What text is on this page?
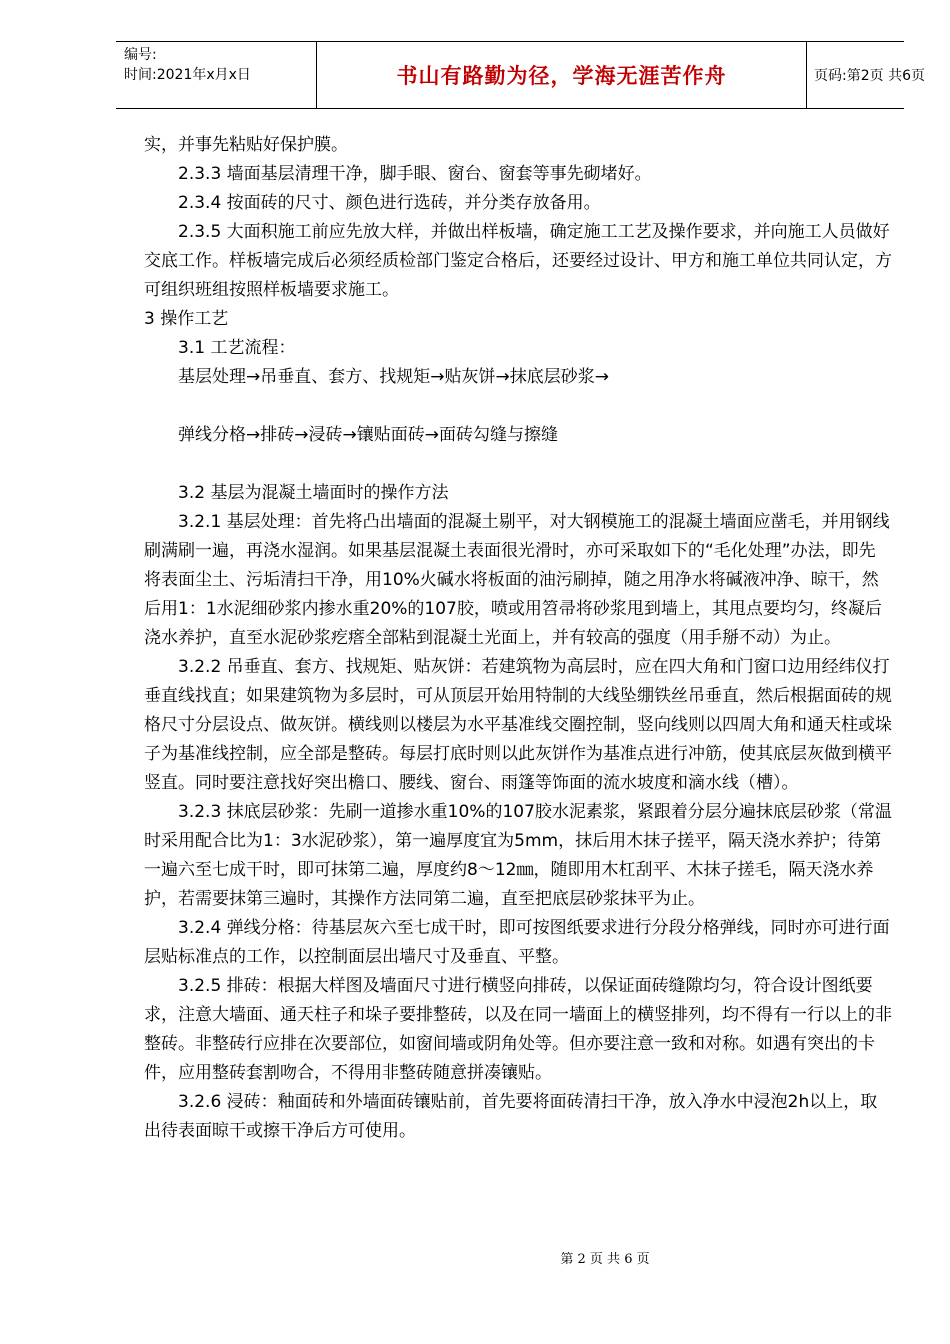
编号:
时间:2021年x月x日	书山有路勤为径，学海无涯苦作舟	页码:第2页 共6页

实，并事先粘贴好保护膜。

2.3.3 墙面基层清理干净，脚手眼、窗台、窗套等事先砌堵好。

2.3.4 按面砖的尺寸、颜色进行选砖，并分类存放备用。

2.3.5 大面积施工前应先放大样，并做出样板墙，确定施工工艺及操作要求，并向施工人员做好交底工作。样板墙完成后必须经质检部门鉴定合格后，还要经过设计、甲方和施工单位共同认定，方可组织班组按照样板墙要求施工。

3 操作工艺

3.1 工艺流程：

基层处理→吊垂直、套方、找规矩→贴灰饼→抹底层砂浆→

弹线分格→排砖→浸砖→镶贴面砖→面砖勾缝与擦缝

3.2 基层为混凝土墙面时的操作方法

3.2.1 基层处理：首先将凸出墙面的混凝土剔平，对大钢模施工的混凝土墙面应凿毛，并用钢线刷满刷一遍，再浇水湿润。如果基层混凝土表面很光滑时，亦可采取如下的“毛化处理”办法，即先将表面尘土、污垢清扫干净，用10%火碱水将板面的油污刷掉，随之用净水将碱液冲净、晾干，然后用1：1水泥细砂浆内掺水重20%的107胶，喷或用笤帚将砂浆甩到墙上，其甩点要均匀，终凝后浇水养护，直至水泥砂浆疙瘩全部粘到混凝土光面上，并有较高的强度（用手掰不动）为止。

3.2.2 吊垂直、套方、找规矩、贴灰饼：若建筑物为高层时，应在四大角和门窗口边用经纬仪打垂直线找直；如果建筑物为多层时，可从顶层开始用特制的大线坠绷铁丝吊垂直，然后根据面砖的规格尺寸分层设点、做灰饼。横线则以楼层为水平基准线交圈控制，竖向线则以四周大角和通天柱或垛子为基准线控制，应全部是整砖。每层打底时则以此灰饼作为基准点进行冲筋，使其底层灰做到横平竖直。同时要注意找好突出檐口、腰线、窗台、雨篷等饰面的流水坡度和滴水线（槽）。

3.2.3 抹底层砂浆：先刷一道掺水重10%的107胶水泥素浆，紧跟着分层分遍抹底层砂浆（常温时采用配合比为1：3水泥砂浆），第一遍厚度宜为5mm，抹后用木抹子搓平，隔天浇水养护；待第一遍六至七成干时，即可抹第二遍，厚度约8～12㎜，随即用木杠刮平、木抹子搓毛，隔天浇水养护，若需要抹第三遍时，其操作方法同第二遍，直至把底层砂浆抹平为止。

3.2.4 弹线分格：待基层灰六至七成干时，即可按图纸要求进行分段分格弹线，同时亦可进行面层贴标准点的工作，以控制面层出墙尺寸及垂直、平整。

3.2.5 排砖：根据大样图及墙面尺寸进行横竖向排砖，以保证面砖缝隙均匀，符合设计图纸要求，注意大墙面、通天柱子和垛子要排整砖，以及在同一墙面上的横竖排列，均不得有一行以上的非整砖。非整砖行应排在次要部位，如窗间墙或阴角处等。但亦要注意一致和对称。如遇有突出的卡件，应用整砖套割吻合，不得用非整砖随意拼凑镶贴。

3.2.6 浸砖：釉面砖和外墙面砖镶贴前，首先要将面砖清扫干净，放入净水中浸泡2h以上，取出待表面晾干或擦干净后方可使用。

第 2 页 共 6 页
